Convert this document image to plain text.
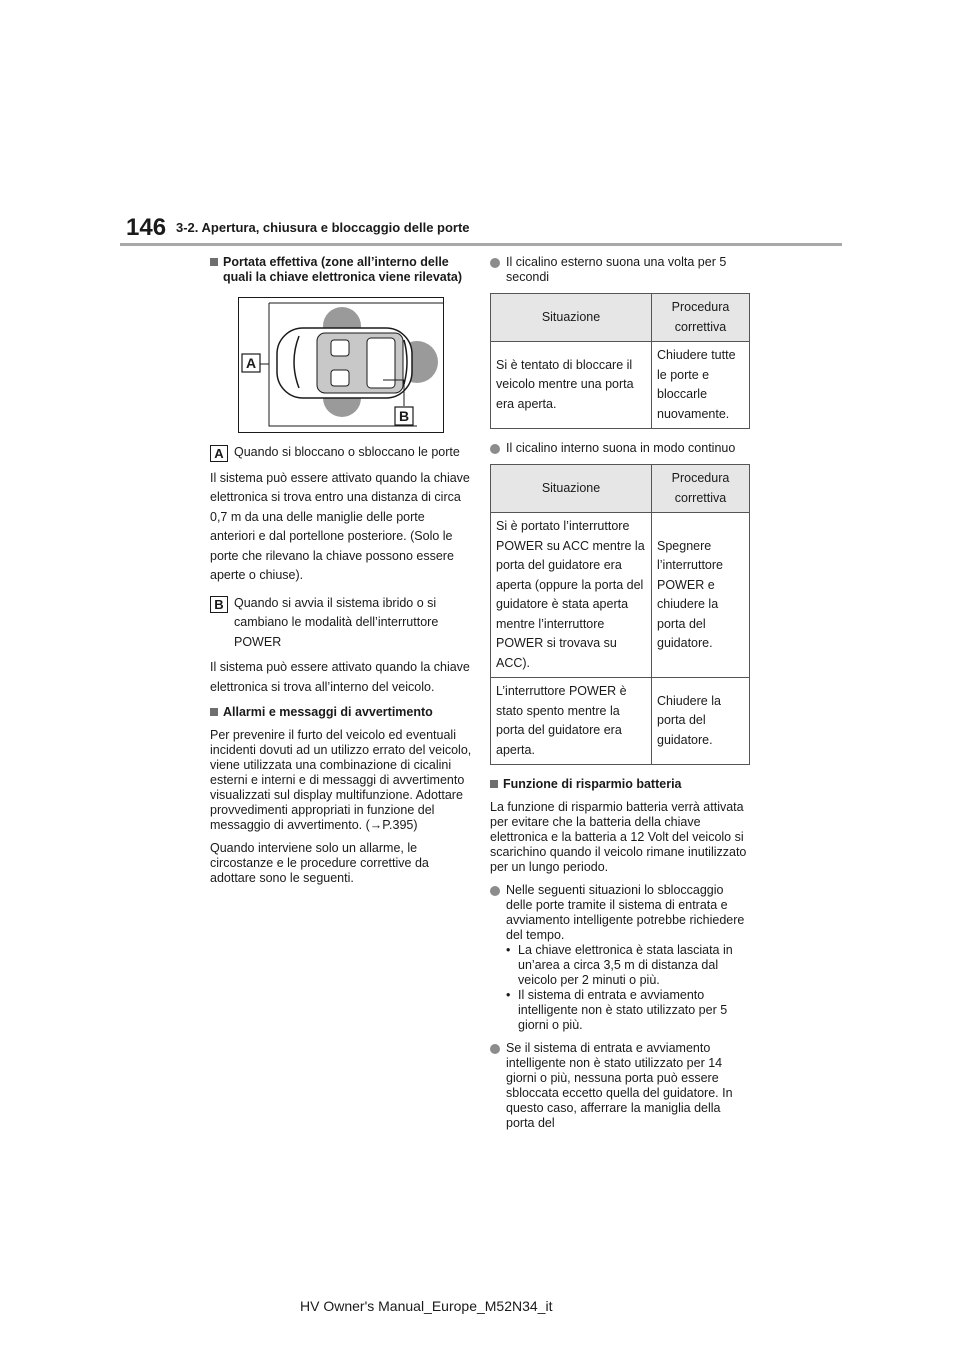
146 3-2. Apertura, chiusura e bloccaggio delle porte
Portata effettiva (zone all’interno delle quali la chiave elettronica viene rilevata)
A
B
A Quando si bloccano o sbloccano le porte
Il sistema può essere attivato quando la chiave elettronica si trova entro una distanza di circa 0,7 m da una delle maniglie delle porte anteriori e dal portellone posteriore. (Solo le porte che rilevano la chiave possono essere aperte o chiuse).
B Quando si avvia il sistema ibrido o si cambiano le modalità dell’interruttore POWER
Il sistema può essere attivato quando la chiave elettronica si trova all’interno del veicolo.
Allarmi e messaggi di avvertimento
Per prevenire il furto del veicolo ed eventuali incidenti dovuti ad un utilizzo errato del veicolo, viene utilizzata una combinazione di cicalini esterni e interni e di messaggi di avvertimento visualizzati sul display multifunzione. Adottare provvedimenti appropriati in funzione del messaggio di avvertimento. (→P.395)
Quando interviene solo un allarme, le circostanze e le procedure correttive da adottare sono le seguenti.
Il cicalino esterno suona una volta per 5 secondi
Situazione	Procedura correttiva
Si è tentato di bloccare il veicolo mentre una porta era aperta.	Chiudere tutte le porte e bloccarle nuovamente.
Il cicalino interno suona in modo continuo
Situazione	Procedura correttiva
Si è portato l’interruttore POWER su ACC mentre la porta del guidatore era aperta (oppure la porta del guidatore è stata aperta mentre l’interruttore POWER si trovava su ACC).	Spegnere l’interruttore POWER e chiudere la porta del guidatore.
L’interruttore POWER è stato spento mentre la porta del guidatore era aperta.	Chiudere la porta del guidatore.
Funzione di risparmio batteria
La funzione di risparmio batteria verrà attivata per evitare che la batteria della chiave elettronica e la batteria a 12 Volt del veicolo si scarichino quando il veicolo rimane inutilizzato per un lungo periodo.
Nelle seguenti situazioni lo sbloccaggio delle porte tramite il sistema di entrata e avviamento intelligente potrebbe richiedere del tempo.
• La chiave elettronica è stata lasciata in un’area a circa 3,5 m di distanza dal veicolo per 2 minuti o più.
• Il sistema di entrata e avviamento intelligente non è stato utilizzato per 5 giorni o più.
Se il sistema di entrata e avviamento intelligente non è stato utilizzato per 14 giorni o più, nessuna porta può essere sbloccata eccetto quella del guidatore. In questo caso, afferrare la maniglia della porta del
HV Owner's Manual_Europe_M52N34_it
